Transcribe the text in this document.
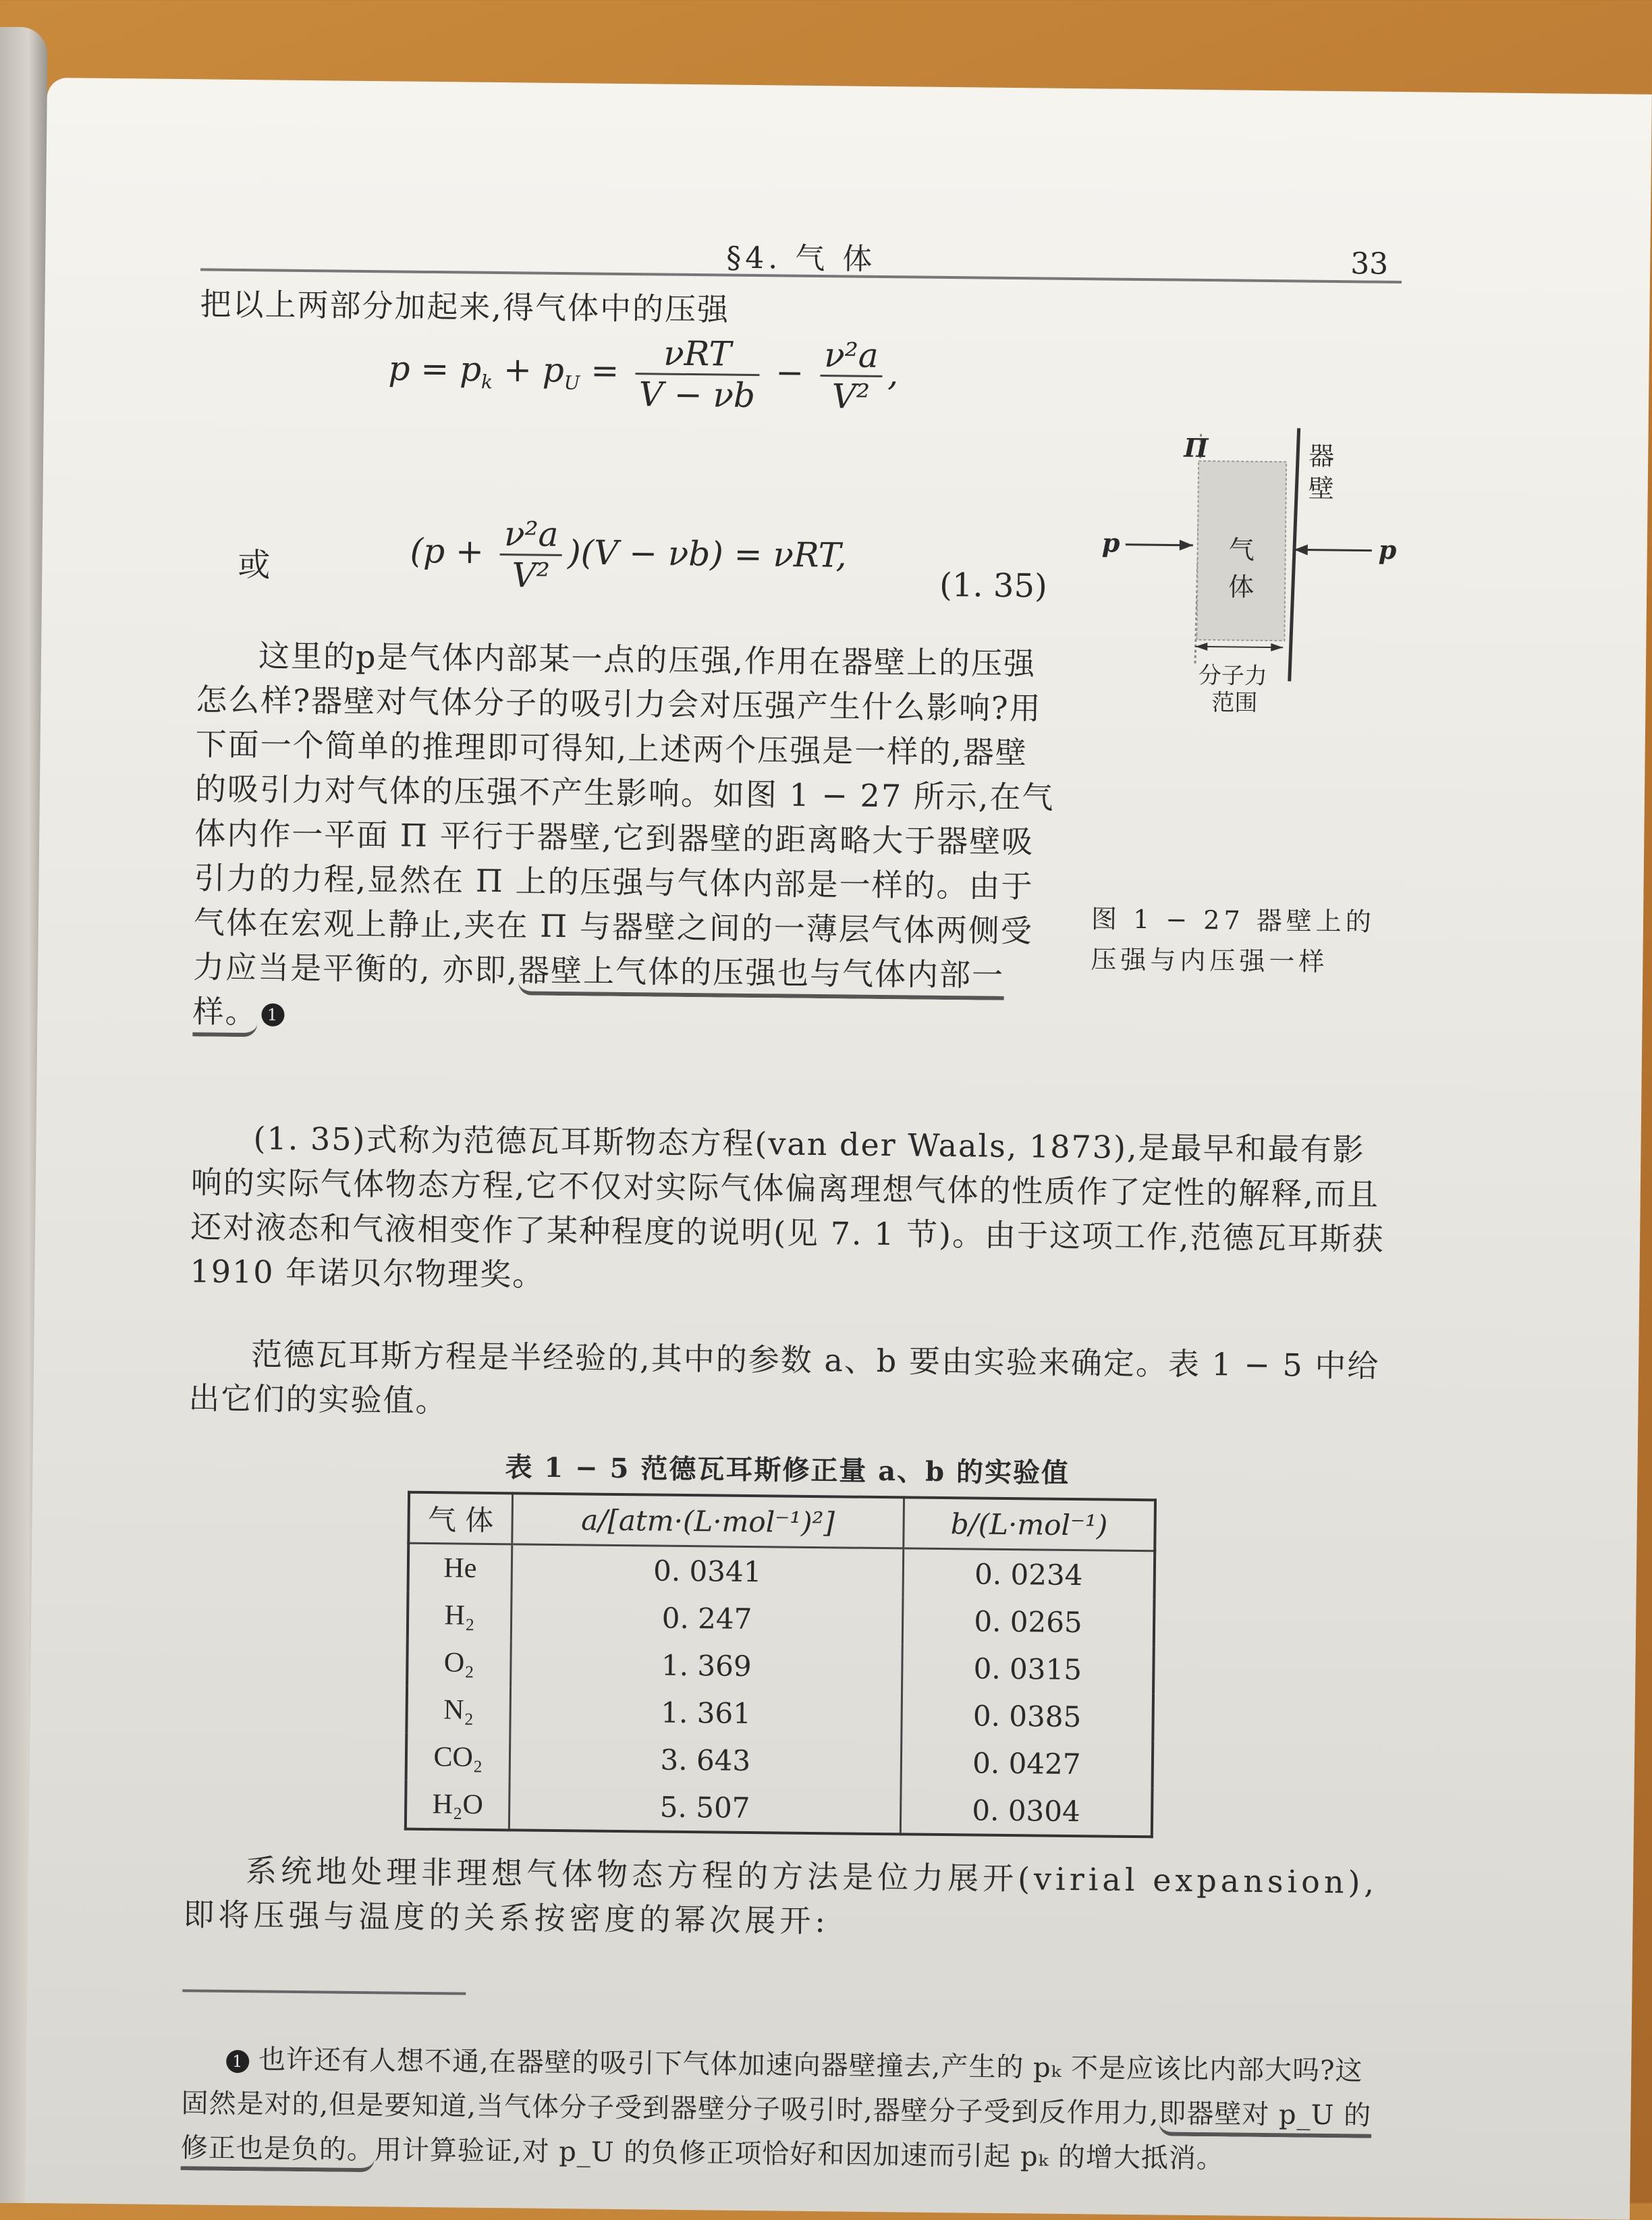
§4. 气 体	33
把以上两部分加起来,得气体中的压强
$p = p_k + p_U = \frac{\text{νRT}}{V - \nu b} - \frac{\text{ν²a}}{\text{V²}}$ ,
或	$(p + \frac{\text{ν²a}}{\text{V²}} )(V - \nu b) = \nu RT$,
(1. 35)
这里的p是气体内部某一点的压强,作用在器壁上的压强怎么样?器壁对气体分子的吸引力会对压强产生什么影响?用下面一个简单的推理即可得知,上述两个压强是一样的,器壁的吸引力对气体的压强不产生影响。如图 1 − 27 所示,在气体内作一平面 Π 平行于器壁,它到器壁的距离略大于器壁吸引力的力程,显然在 Π 上的压强与气体内部是一样的。由于气体在宏观上静止,夹在 Π 与器壁之间的一薄层气体两侧受力应当是平衡的, 亦即,器壁上气体的压强也与气体内部一样。 1
Π	器
壁
气
体
p	p
分子力
范围
图 1 − 27 器壁上的
压强与内压强一样
(1. 35)式称为范德瓦耳斯物态方程(van der Waals, 1873),是最早和最有影响的实际气体物态方程,它不仅对实际气体偏离理想气体的性质作了定性的解释,而且还对液态和气液相变作了某种程度的说明(见 7. 1 节)。由于这项工作,范德瓦耳斯获 1910 年诺贝尔物理奖。
范德瓦耳斯方程是半经验的,其中的参数 a、b 要由实验来确定。表 1 − 5 中给出它们的实验值。
表 1 − 5 范德瓦耳斯修正量 a、b 的实验值
气 体	a/[atm·(L·mol⁻¹)²]	b/(L·mol⁻¹)
He	0. 0341	0. 0234
H₂	0. 247	0. 0265
O₂	1. 369	0. 0315
N₂	1. 361	0. 0385
CO₂	3. 643	0. 0427
H₂O	5. 507	0. 0304
系统地处理非理想气体物态方程的方法是位力展开(virial expansion),即将压强与温度的关系按密度的幂次展开:
1 也许还有人想不通,在器壁的吸引下气体加速向器壁撞去,产生的 pₖ 不是应该比内部大吗?这固然是对的,但是要知道,当气体分子受到器壁分子吸引时,器壁分子受到反作用力,即器壁对 p_U 的修正也是负的。用计算验证,对 p_U 的负修正项恰好和因加速而引起 pₖ 的增大抵消。
